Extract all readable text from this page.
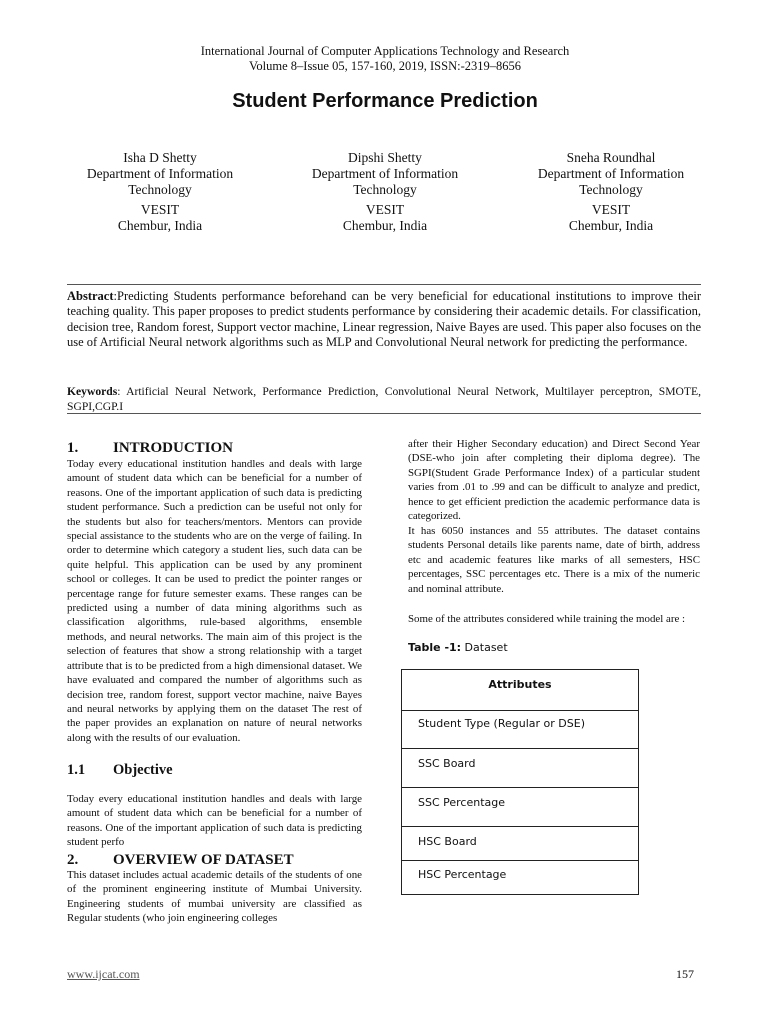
International Journal of Computer Applications Technology and Research
Volume 8–Issue 05, 157-160, 2019, ISSN:-2319–8656
Student Performance Prediction
Isha D Shetty
Department of Information
Technology
VESIT
Chembur, India
Dipshi Shetty
Department of Information
Technology
VESIT
Chembur, India
Sneha Roundhal
Department of Information
Technology
VESIT
Chembur, India
Abstract:Predicting Students performance beforehand can be very beneficial for educational institutions to improve their teaching quality. This paper proposes to predict students performance by considering their academic details. For classification, decision tree, Random forest, Support vector machine, Linear regression, Naive Bayes are used. This paper also focuses on the use of Artificial Neural network algorithms such as MLP and Convolutional Neural network for predicting the performance.
Keywords: Artificial Neural Network, Performance Prediction, Convolutional Neural Network, Multilayer perceptron, SMOTE, SGPI,CGP.I
1. INTRODUCTION
Today every educational institution handles and deals with large amount of student data which can be beneficial for a number of reasons. One of the important application of such data is predicting student performance. Such a prediction can be useful not only for the students but also for teachers/mentors. Mentors can provide special assistance to the students who are on the verge of failing. In order to determine which category a student lies, such data can be quite helpful. This application can be used by any prominent school or colleges. It can be used to predict the pointer ranges or percentage range for future semester exams. These ranges can be predicted using a number of data mining algorithms such as classification algorithms, rule-based algorithms, ensemble methods, and neural networks. The main aim of this project is the selection of features that show a strong relationship with a target attribute that is to be predicted from a high dimensional dataset. We have evaluated and compared the number of algorithms such as decision tree, random forest, support vector machine, naive Bayes and neural networks by applying them on the dataset The rest of the paper provides an explanation on nature of neural networks along with the results of our evaluation.
1.1 Objective
Today every educational institution handles and deals with large amount of student data which can be beneficial for a number of reasons. One of the important application of such data is predicting student perfo
2. OVERVIEW OF DATASET
This dataset includes actual academic details of the students of one of the prominent engineering institute of Mumbai University. Engineering students of mumbai university are classified as Regular students (who join engineering colleges
after their Higher Secondary education) and Direct Second Year (DSE-who join after completing their diploma degree). The SGPI(Student Grade Performance Index) of a particular student varies from .01 to .99 and can be difficult to analyze and predict, hence to get efficient prediction the academic performance data is categorized.
It has 6050 instances and 55 attributes. The dataset contains students Personal details like parents name, date of birth, address etc and academic features like marks of all semesters, HSC percentages, SSC percentages etc. There is a mix of the numeric and nominal attribute.
Some of the attributes considered while training the model are :
Table -1: Dataset
Attributes
Student Type (Regular or DSE)
SSC Board
SSC Percentage
HSC Board
HSC Percentage
www.ijcat.com	157
